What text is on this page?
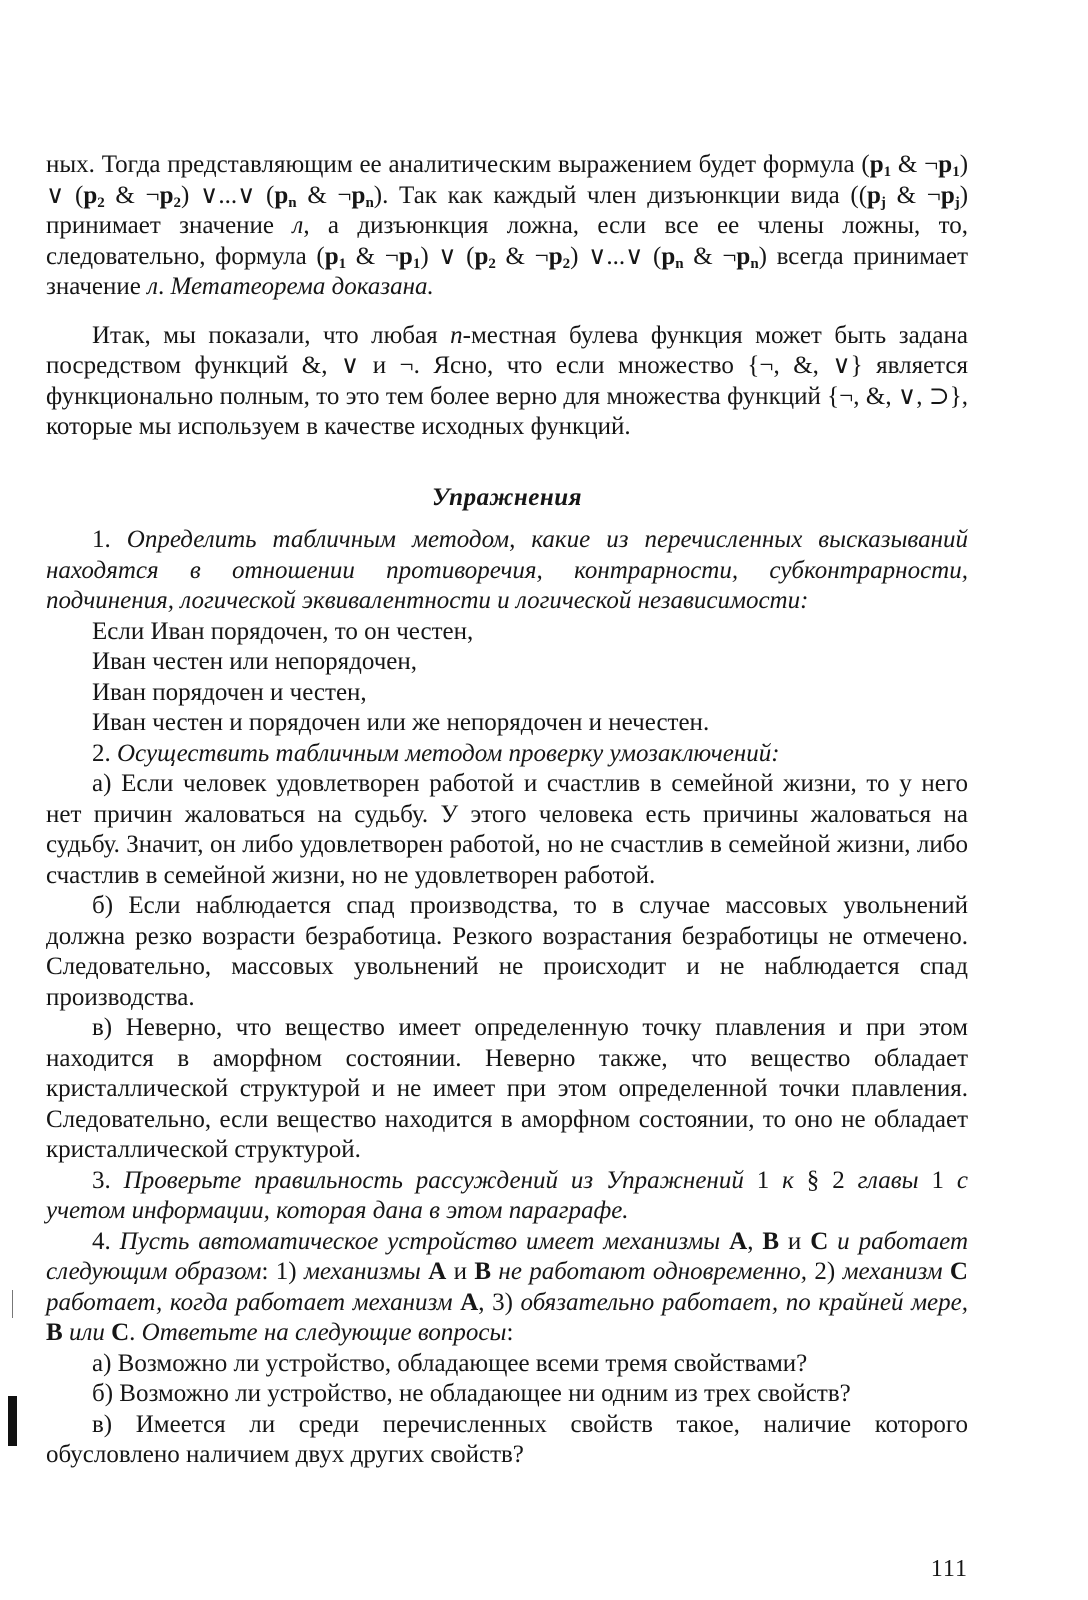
ных. Тогда представляющим ее аналитическим выражением будет формула ($p_1$ & $\neg p_1$) ∨ ($p_2$ & $\neg p_2$) ∨...∨ ($p_n$ & $\neg p_n$). Так как каждый член дизъюнкции вида (($p_j$ & $\neg p_j$) принимает значение л, а дизъюнкция ложна, если все ее члены ложны, то, следовательно, формула ($p_1$ & $\neg p_1$) ∨ ($p_2$ & $\neg p_2$) ∨...∨ ($p_n$ & $\neg p_n$) всегда принимает значение л. Метатеорема доказана.

Итак, мы показали, что любая n-местная булева функция может быть задана посредством функций &, ∨ и ¬. Ясно, что если множество {¬, &, ∨} является функционально полным, то это тем более верно для множества функций {¬, &, ∨, ⊃}, которые мы используем в качестве исходных функций.

Упражнения

1. Определить табличным методом, какие из перечисленных высказываний находятся в отношении противоречия, контрарности, субконтрарности, подчинения, логической эквивалентности и логической независимости:

Если Иван порядочен, то он честен,

Иван честен или непорядочен,

Иван порядочен и честен,

Иван честен и порядочен или же непорядочен и нечестен.

2. Осуществить табличным методом проверку умозаключений:

а) Если человек удовлетворен работой и счастлив в семейной жизни, то у него нет причин жаловаться на судьбу. У этого человека есть причины жаловаться на судьбу. Значит, он либо удовлетворен работой, но не счастлив в семейной жизни, либо счастлив в семейной жизни, но не удовлетворен работой.

б) Если наблюдается спад производства, то в случае массовых увольнений должна резко возрасти безработица. Резкого возрастания безработицы не отмечено. Следовательно, массовых увольнений не происходит и не наблюдается спад производства.

в) Неверно, что вещество имеет определенную точку плавления и при этом находится в аморфном состоянии. Неверно также, что вещество обладает кристаллической структурой и не имеет при этом определенной точки плавления. Следовательно, если вещество находится в аморфном состоянии, то оно не обладает кристаллической структурой.

3. Проверьте правильность рассуждений из Упражнений 1 к § 2 главы 1 с учетом информации, которая дана в этом параграфе.

4. Пусть автоматическое устройство имеет механизмы А, В и С и работает следующим образом: 1) механизмы А и В не работают одновременно, 2) механизм С работает, когда работает механизм А, 3) обязательно работает, по крайней мере, В или С. Ответьте на следующие вопросы:

а) Возможно ли устройство, обладающее всеми тремя свойствами?

б) Возможно ли устройство, не обладающее ни одним из трех свойств?

в) Имеется ли среди перечисленных свойств такое, наличие которого обусловлено наличием двух других свойств?

111
